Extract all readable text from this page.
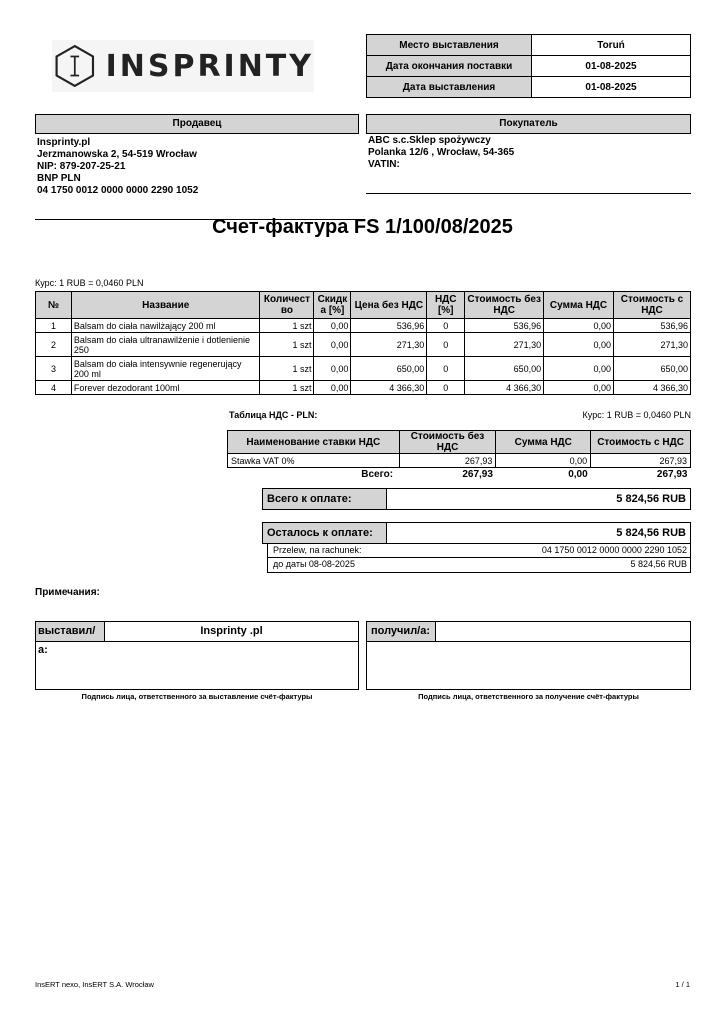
INSPRINTY
Место выставления	Toruń
Дата окончания поставки	01-08-2025
Дата выставления	01-08-2025
Продавец
Insprinty.pl
Jerzmanowska 2, 54-519 Wrocław
NIP: 879-207-25-21
BNP PLN
04 1750 0012 0000 0000 2290 1052
Покупатель
ABC s.c.Sklep spożywczy
Polanka 12/6 , Wrocław, 54-365
VATIN:
Счет-фактура FS 1/100/08/2025
Курс: 1 RUB = 0,0460 PLN
№	Название	Количест во	Скидк а [%]	Цена без НДС	НДС [%]	Стоимость без НДС	Сумма НДС	Стоимость с НДС
1	Balsam do ciała nawilżający 200 ml	1 szt	0,00	536,96	0	536,96	0,00	536,96
2	Balsam do ciała ultranawilżenie i dotlenienie 250	1 szt	0,00	271,30	0	271,30	0,00	271,30
3	Balsam do ciała intensywnie regenerujący 200 ml	1 szt	0,00	650,00	0	650,00	0,00	650,00
4	Forever dezodorant 100ml	1 szt	0,00	4 366,30	0	4 366,30	0,00	4 366,30
Таблица НДС - PLN:	Курс: 1 RUB = 0,0460 PLN
Наименование ставки НДС	Стоимость без НДС	Сумма НДС	Стоимость с НДС
Stawka VAT 0%	267,93	0,00	267,93
Всего:	267,93	0,00	267,93
Всего к оплате:	5 824,56 RUB
Осталось к оплате:	5 824,56 RUB
Przelew, na rachunek:	04 1750 0012 0000 0000 2290 1052
до даты 08-08-2025	5 824,56 RUB
Примечания:
выставил/а:
Insprinty .pl
Подпись лица, ответственного за выставление счёт-фактуры
получил/а:
Подпись лица, ответственного за получение счёт-фактуры
InsERT nexo, InsERT S.A. Wrocław	1 / 1
